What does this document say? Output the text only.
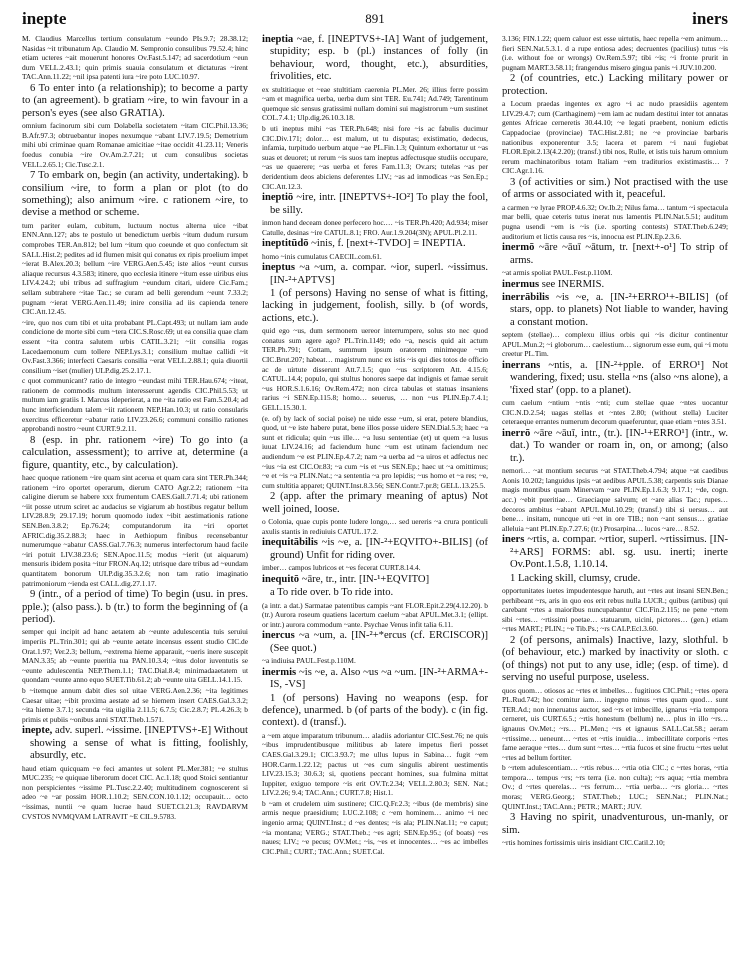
inepte	891	iners

M. Claudius Marcellus tertium consulatum ~eundo PIs.9.7; 28.38.12; Nasidas ~it tribunatum Ap. Claudio M. Sempronio consulibus 79.52.4; hinc etiam ucteres ~ait mouerunt honores Ov.Fast.5.147; ad sacerdotium ~eun dum VELL.2.43.1; quin primis suauia consulatum et dictaturas ~irent TAC.Ann.11.22; ~nil ipsa patenti iura ~ire poto LUC.10.97.

6 To enter into (a relationship); to become a party to (an agreement). b gratiam ~ire, to win favour in a person's eyes (see also GRATIA).

omnium facinorum sibi cum Dolabella societatem ~itam CIC.Phil.13.36; B.Afr.97.3; obtruebantur inopes nexumque ~abant LIV.7.19.5; Demetrium mihi ubi criminae quam Romanae amicitiae ~itae occidit 41.23.11; Veneris foedus conubia ~ire Ov.Am.2.7.21; ut cum consulibus societas VELL.2.65.1; Cic.Tusc.2.1.

7 To embark on, begin (an activity, undertaking). b consilium ~ire, to form a plan or plot (to do something); also animum ~ire. c rationem ~ire, to devise a method or scheme.

tum pariter eulam, cubitum, luctuum noctus alterna uice ~ibat ENN.Ann.127; abs te postulo ut benedictum uerbis ~itum dudum rursum comprobes TER.An.812; bel lum ~itum quo coeunde et quo confectum sit SALL.Hist.2; pedites ad id flumen misit qui conatus ex ripis proelium impet ~ierat B.Alex.20.3; bellum ~ire VERG.Aen.5.45; iste alios ~eunt cursus aliaque recursus 4.3.583; itinere, quo ecclesia itinere ~itum esse uiribus eius LIV.4.24.2; ubi tribus ad suffragium ~eundum citari, uidere Cic.Fam.; sellam subtrahere ~itae Tac.; se curam ad belli gerendum ~eunt 7.33.2; pugnam ~ierat VERG.Aen.11.49; inire consilia ad iis capienda tenere CIC.Att.12.45.

~ire, quo nos cum tibi et uita probabant PL.Capt.493; ut nullam iam aude condicione de morte sibi cum ~tera CIC.S.Rosc.69; ut ea consilia quae clam essent ~ita contra salutem urbis CATIL.3.21; ~iit consilia rogas Lacedaemonum cum tollere NEP.Lys.3.1; consilium multae callidi ~it Ov.Fast.3.366; interfecti Caesaris consilia ~erat VELL.2.88.1; quia diuortii consilium ~iset (mulier) ULP.dig.25.2.17.1.

c quot communicant? ratio de integro ~eundast mihi TER.Hau.674; ~iteat, rationem de commodis multum interesserunt agendis CIC.Phil.5.53; ut multum iam gratiis I. Marcus ideperierat, a me ~ita ratio est Fam.5.20.4; ad hunc interficiendum talem ~iit rationem NEP.Han.10.3; ut ratio consularis exercitus efficeretur ~abatur ratio LIV.23.26.6; communi consilio rationes approbandi nostro ~eunt CURT.9.2.11.

8 (esp. in phr. rationem ~ire) To go into (a calculation, assessment); to arrive at, determine (a figure, quantity, etc., by calculation).

haec quoque rationem ~ire quam sint acerua et quam cara sint TER.Ph.344; rationem ~iro oportet operarum, dierum CATO Agr.2.2; rationem ~ita caligine dierum se habere xxx frumentum CAES.Gall.7.71.4; ubi rationem ~iit posse utrum sciret ac audacius se vigiarum ab hostibus regatur bellum LIV.28.8.9; 29.17.19; horum quomodo iudex ~ibit aestimationis ratione SEN.Ben.3.8.2; Ep.76.24; computandorum ita ~iri oportet AFRIC.dig.35.2.88.3; haec in Aethiopum finibus recensebantur numerumque ~abatur CASS.Gal.7.76.3; numerus interfectorum haud facile ~iri potuit LIV.38.23.6; SEN.Apoc.11.5; modus ~ierit (ut aiquarum) mensuris ibidem posita ~itur FRON.Aq.12; utrisque dare tribus ad ~eundam quantitatem bonorum ULP.dig.35.3.2.6; non tam ratio imaginatio patrimoniorum ~ienda est CALL.dig.27.1.17.

9 (intr., of a period of time) To begin (usu. in pres. pple.); (also pass.). b (tr.) to form the beginning of (a period).

semper qui incipit ad hanc aetatem ab ~eunte adulescentia tuis seruiui imperiis PL.Trin.301; qui ab ~eunte aetate incensus essent studio CIC.de Orat.1.97; Ver.2.3; bellum, ~extrema hieme apparauit, ~ueris inere suscepit MAN.3.35; ab ~eunte pueritia tua PAN.10.3.4; ~itus dolor iuventutis se ~eunte adulescentia NEP.Them.1.1; TAC.Dial.8.4; minimadaaetatem ut quondam ~eunte anno equo SUET.Tib.61.2; ab ~eunte uita GELL.14.1.15.

b ~itemque annum dabit dies sol uitae VERG.Aen.2.36; ~ita legitimes Caesar uitae; ~ibit proxima aestate ad se hiemem insert CAES.Gal.3.3.2; ~ita hieme 3.7.1; secunda ~ita uigilia 2.11.5; 6.7.5; Cic.2.8.7; PL.4.26.3; b primis et pubiis ~onibus anni STAT.Theb.1.571.

inepte, adv. superl. ~issime. [INEPTVS+-E] Without showing a sense of what is fitting, foolishly, absurdly, etc.

haud etiam quicquam ~e feci amantes ut solent PL.Mer.381; ~e stultus MUC.235; ~e quiquae liberorum docet CIC. Ac.1.18; quod Stoici sentiantur non perspicientes ~issime PL.Tusc.2.2.40; multitudinem cognoscerent si adeo ~e ~ar possim HOR.1.10.2; SEN.CON.10.1.12; occupauit… octo ~issimas, nuntii ~e quam lucrae haud SUET.Cl.21.3; RAVDARVM CVSTOS NVMQVAM LATRAVIT ~E CIL.9.5783.

ineptia ~ae, f. [INEPTVS+-IA] Want of judgement, stupidity; esp. b (pl.) instances of folly (in behaviour, word, thought, etc.), absurdities, frivolities, etc.

ex stultitiaque et ~eae stultitiam caerenia PL.Mer. 26; illius ferre possim ~am et magnifica uerba, uerba dum sint TER. Eu.741; Ad.749; Tarentinum quemque sic sensus gratissimi nullam domini sui magistrorum ~um sustinet COL.7.4.1; Ulp.dig.26.10.3.18.

b uti ineptus mihi ~as TER.Ph.648; nisi fore ~is ac fabulis ducimur CIC.Div.171; dolor… est malum, ut tu disputas; existimatio, dedecus, infamia, turpitudo uerbum atque ~ae PL.Fin.1.3; Quintum exhortatur ut ~as suas et deuoret; ut rerum ~is suos tam ineptus adfectusque studiis occupare, ~as ue quaerere; ~as uerba et feres Fam.11.3; Ov.ars; tutelas ~as per deridentium deos abiciens deferentes LIV.; ~as ad inmodicas ~as Sen.Ep.; CIC.Att.12.3.

ineptiō ~ire, intr. [INEPTVS+-IO²] To play the fool, be silly.

inmon hand deceam donee perfecero hoc.… ~is TER.Ph.420; Ad.934; miser Catulle, desinas ~ire CATUL.8.1; FRO. Aur.1.9.204(3N); APUL.Pl.2.11.

ineptitūdō ~inis, f. [next+-TVDO] = INEPTIA.

homo ~inis cumulatus CAECIL.com.61.

ineptus ~a ~um, a. compar. ~ior, superl. ~issimus. [IN-²+APTVS]

1 (of persons) Having no sense of what is fitting, lacking in judgement, foolish, silly. b (of words, actions, etc.).

quid ego ~us, dum sermonem uereor interrumpere, solus sto nec quod conatus sum agere ago? PL.Trin.1149; edo ~a, nescis quid ait actum TER.Ph.791; Cottam, summum ipsum oratorem minimeque ~um CIC.Brut.207; habeat… magistrum nunc ex istis ~is qui dies totos de officio ac de uirtute disserunt Att.7.1.5; quo ~us scriptorem Att. 4.15.6; CATUL.14.4; populo, qui stultus honores saepe dat indignis et famae seruit ~us HOR.S.1.6.16; Ov.Rem.472; non circa tabulas et statuas insaniens rarius ~i SEN.Ep.115.8; homo… seuerus, … non ~us PLIN.Ep.7.4.1; GELL.15.30.1.

(e. of) by lack of social poise) ne uide esse ~um, si erat, petere blandius, quod, ut ~e iste habere putat, bene illos posse uidere SEN.Dial.5.3; haec ~a sunt et ridicula; quin ~us ille… ~a lusu sententiae (et) ut quem ~a lusus iuuat LIV.24.16; ad faciendum hunc ~um est utinam faciendum nec audiendum ~e est PLIN.Ep.4.7.2; nam ~a uerba ad ~a uiros et adfectus nec ~ius ~ia est CIC.Or.83; ~a cum ~is et ~us SEN.Ep.; haec ut ~a omittimus; ~e et ~is ~a PLIN.Nat.; ~a sententia ~a pro lepidis; ~us homo et ~a res; ~e, cum stultitia apparet; QUINT.Inst.8.3.56; SEN.Contr.7.pr.8; GELL.13.25.5.

2 (app. after the primary meaning of aptus) Not well joined, loose.

o Colonia, quae cupis ponte ludere longo,… sed uereris ~a crura ponticuli axulis stantis in rediuiuis CATUL.17.2.

inequitābilis ~is ~e, a. [IN-²+EQVITO+-BILIS] (of ground) Unfit for riding over.

imber… campos lubricos et ~es fecerat CURT.8.14.4.

inequitō ~āre, tr., intr. [IN-¹+EQVITO]

a To ride over. b To ride into.

(a intr. a dat.) Sarmatae patentibus campis ~ant FLOR.Epit.2.29(4.12.20). b (tr.) Aurora roseum quatiens lacertum caelum ~abat APUL.Met.3.1; (ellipt. or intr.) aurora commodum ~ante. Psychae Venus infit talia 6.11.

inercus ~a ~um, a. [IN-²+*ercus (cf. ERCISCOR)] (See quot.)

~a indiuisa PAUL.Fest.p.110M.

inermis ~is ~e, a. Also ~us ~a ~um. [IN-²+ARMA+-IS, -VS]

1 (of persons) Having no weapons (esp. for defence), unarmed. b (of parts of the body). c (in fig. context). d (transf.).

a ~em atque imparatum tribunum… aladiis adoriantur CIC.Sest.76; ne quis ~ibus imprudentibusque militibus ab latere impetus fieri posset CAES.Gal.3.29.1; CIC.3.93.7; me ullus lupus in Sabina… fugit ~em HOR.Carm.1.22.12; pactus ut ~es cum singulis abirent uestimentis LIV.23.15.3; 30.6.3; si, quotiens peccant homines, sua fulmina mittat Iuppiter, exiguo tempore ~is erit OV.Tr.2.34; VELL.2.80.3; SEN. Nat.; LIV.2.26; 9.4; TAC.Ann.; CURT.7.8; Hist.1.

b ~am et crudelem uim sustinere; CIC.Q.Fr.2.3; ~ibus (de membris) sine armis neque praesidium; LUC.2.108; c ~em hominem… animo ~i nec ingenio arma; QUINT.Inst.; d ~es dentes; ~is ala; PLIN.Nat.11; ~e caput; ~ia montana; VERG.; STAT.Theb.; ~es agri; SEN.Ep.95.; (of boats) ~es naues; LIV.; ~e pecus; OV.Met.; ~is, ~es et innocentes… ~es ac imbelles CIC.Phil.; CURT.; TAC.Ann.; SUET.Cal.

3.136; FIN.1.22; quem caluor est esse uirtutis, haec repella ~em animum… fieri SEN.Nat.5.3.1. d a rupe entiosa ades; decruentes (pacilius) tutus ~is (i.e. without foe or wrongs) Ov.Rem.5.97; tibi ~is; ~i fronte prurit in pugnam MART.3.58.11; frangendus misero gingua panis ~i JUV.10.200.

2 (of countries, etc.) Lacking military power or protection.

a Locum praedas ingentes ex agro ~i ac nudo praesidiis agentem LIV.29.4.7; cum (Carthaginem) ~em iam ac nudam destitui inter tot annatas gentes Africae cerneretis 30.44.10; ~e legati praebent, nonium edictis Cappadociae (provinciae) TAC.Hist.2.81; ne ~e provinciae barbaris nationibus exponerentur 3.5; lacera et parem ~i naui fugiebat FLOR.Epit.2.13(4.2.20); (transf.) tibi nos, Rulle, et istis tuis harum omnium rerum machinatoribus totam Italiam ~em traditurios existimastis… ? CIC.Agr.1.16.

3 (of activities or sim.) Not practised with the use of arms or associated with it, peaceful.

a carmen ~e lyrae PROP.4.6.32; Ov.Ib.2; Nilus fama… tantum ~i spectacula mar belli, quae ceteris tutus inerat nus lamentis PLIN.Nat.5.51; auditum pugna usendi ~em is ~is (i.e. sporting contests) STAT.Theb.6.249; auditorium et lictis causa res ~is, innocua est PLIN.Ep.2.3.6.

inermō ~āre ~āuī ~ātum, tr. [next+-o¹] To strip of arms.

~at armis spoliat PAUL.Fest.p.110M.

inermus see INERMIS.

inerrābilis ~is ~e, a. [IN-²+ERRO¹+-BILIS] (of stars, opp. to planets) Not liable to wander, having a constant motion.

septem (stellae)… complexu illius orbis qui ~is dicitur continentur APUL.Mun.2; ~i globorum… caelestium… signorum esse eum, qui ~i motu creetur PL.Tim.

inerrans ~ntis, a. [IN-²+pple. of ERRO¹] Not wandering, fixed; usu. stella ~ns (also ~ns alone), a 'fixed star' (opp. to a planet).

cum caelum ~ntium ~ntis ~nti; cum stellae quae ~ntes uocantur CIC.N.D.2.54; uagas stellas et ~ntes 2.80; (without stella) Luciter ceteraeque errantes numerum decorum quaeferuntur, quae etiam ~ntes 3.51.

inerrō ~āre ~āuī, intr., (tr.). [IN-¹+ERRO¹] (intr., w. dat.) To wander or roam in, on, or among; (also tr.).

nemori… ~at montium securus ~at STAT.Theb.4.794; atque ~at caedibus Aonis 10.202; languidus ipsis ~at aedibus APUL.5.38; carpentis suis Dianae magis montibus quam Minervam ~are PLIN.Ep.1.6.3; 9.17.1; ~de, cogn. acc.) ~ebit pueritiae… Graeciaque salvum; et ~are alias Tac.; rupes… decoros ambitus ~abant APUL.Mul.10.29; (transf.) tibi si uersus… aut bene… insitam, nuncque uti ~et in ore TIB.; non ~ant sensus… gratiae alleluia ~ant PLIN.Ep.7.27.6; (tr.) Prosarpina… lucos ~are… 8.52.

iners ~rtis, a. compar. ~rtior, superl. ~rtissimus. [IN-²+ARS] FORMS: abl. sg. usu. inerti; inerte Ov.Pont.1.5.8, 1.10.14.

1 Lacking skill, clumsy, crude.

opportunitates iuetes impudentesque haruth, aut ~rtes aut insani SEN.Ben.; perhibeant ~rs, aris in quo eos erit rebus nulla LUCR.; quibus (artibus) qui carebant ~rtes a maioribus nuncupabantur CIC.Fin.2.115; ne pene ~rtem sibi ~rtes… ~rtissimi poetae… statuarum, uicini, pictores… (gen.) etiam ~rtes MART.; PLIN.; ~e Tib.Ps.; ~rs CALP.Ecl.3.60.

2 (of persons, animals) Inactive, lazy, slothful. b (of behaviour, etc.) marked by inactivity or sloth. c (of things) not put to any use, idle; (esp. of time). d serving no useful purpose, useless.

quos quom… otiosos ac ~rtes et imbelles… fugitiuos CIC.Phil.; ~rtes opera PL.Rud.742; hoc comitur iam… ingegno minus ~rtes quam quod… sunt TER.Ad.; non inneruatus auctor, sed ~rs et imbecille, ignarus ~ria tempora cerneret, uis CURT.6.5.; ~rtis honestum (bellum) ne… plus in illo ~rs… ignauus Ov.Met.; ~rs… PL.Men.; ~rs et ignauus SALL.Cat.58.; aeram ~rtissime… ueneunt… ~rtes et ~rtis inuidia… imbecillitate corporis ~rtes fame aeraque ~rtes… dum sunt ~rtes… ~rtia fucos et sine fructu ~rtes uelut ~rtes ad bellum fortiter.

b ~rtem adulescentiam… ~rtis rebus… ~rtia otia CIC.; c ~rtes horas, ~rtia tempora… tempus ~rs; ~rs terra (i.e. non culta); ~rs aqua; ~rtia membra Ov.; d ~rtes querelas… ~rs ferrum… ~rtia uerba… ~rs gloria… ~rtes moras; VERG.Georg.; STAT.Theb.; LUC.; SEN.Nat.; PLIN.Nat.; QUINT.Inst.; TAC.Ann.; PETR.; MART.; JUV.

3 Having no spirit, unadventurous, un-manly, or sim.

~rtis homines fortissimis uiris insidiant CIC.Catil.2.10;
